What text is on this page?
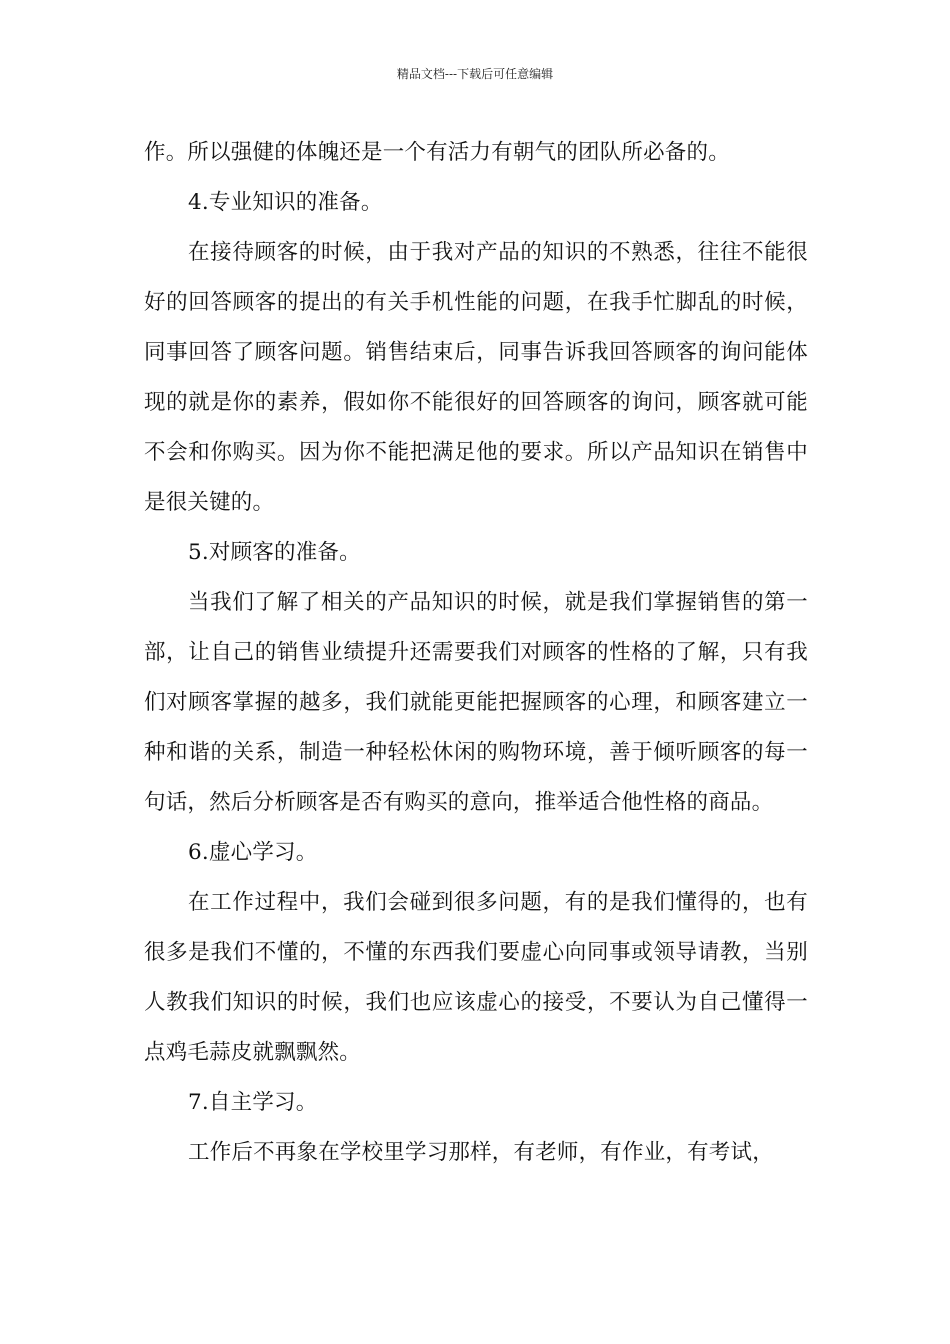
精品文档---下载后可任意编辑

作。所以强健的体魄还是一个有活力有朝气的团队所必备的。

4.专业知识的准备。

在接待顾客的时候，由于我对产品的知识的不熟悉，往往不能很好的回答顾客的提出的有关手机性能的问题，在我手忙脚乱的时候，同事回答了顾客问题。销售结束后，同事告诉我回答顾客的询问能体现的就是你的素养，假如你不能很好的回答顾客的询问，顾客就可能不会和你购买。因为你不能把满足他的要求。所以产品知识在销售中是很关键的。

5.对顾客的准备。

当我们了解了相关的产品知识的时候，就是我们掌握销售的第一部，让自己的销售业绩提升还需要我们对顾客的性格的了解，只有我们对顾客掌握的越多，我们就能更能把握顾客的心理，和顾客建立一种和谐的关系，制造一种轻松休闲的购物环境，善于倾听顾客的每一句话，然后分析顾客是否有购买的意向，推举适合他性格的商品。

6.虚心学习。

在工作过程中，我们会碰到很多问题，有的是我们懂得的，也有很多是我们不懂的，不懂的东西我们要虚心向同事或领导请教，当别人教我们知识的时候，我们也应该虚心的接受，不要认为自己懂得一点鸡毛蒜皮就飘飘然。

7.自主学习。

工作后不再象在学校里学习那样，有老师，有作业，有考试，
